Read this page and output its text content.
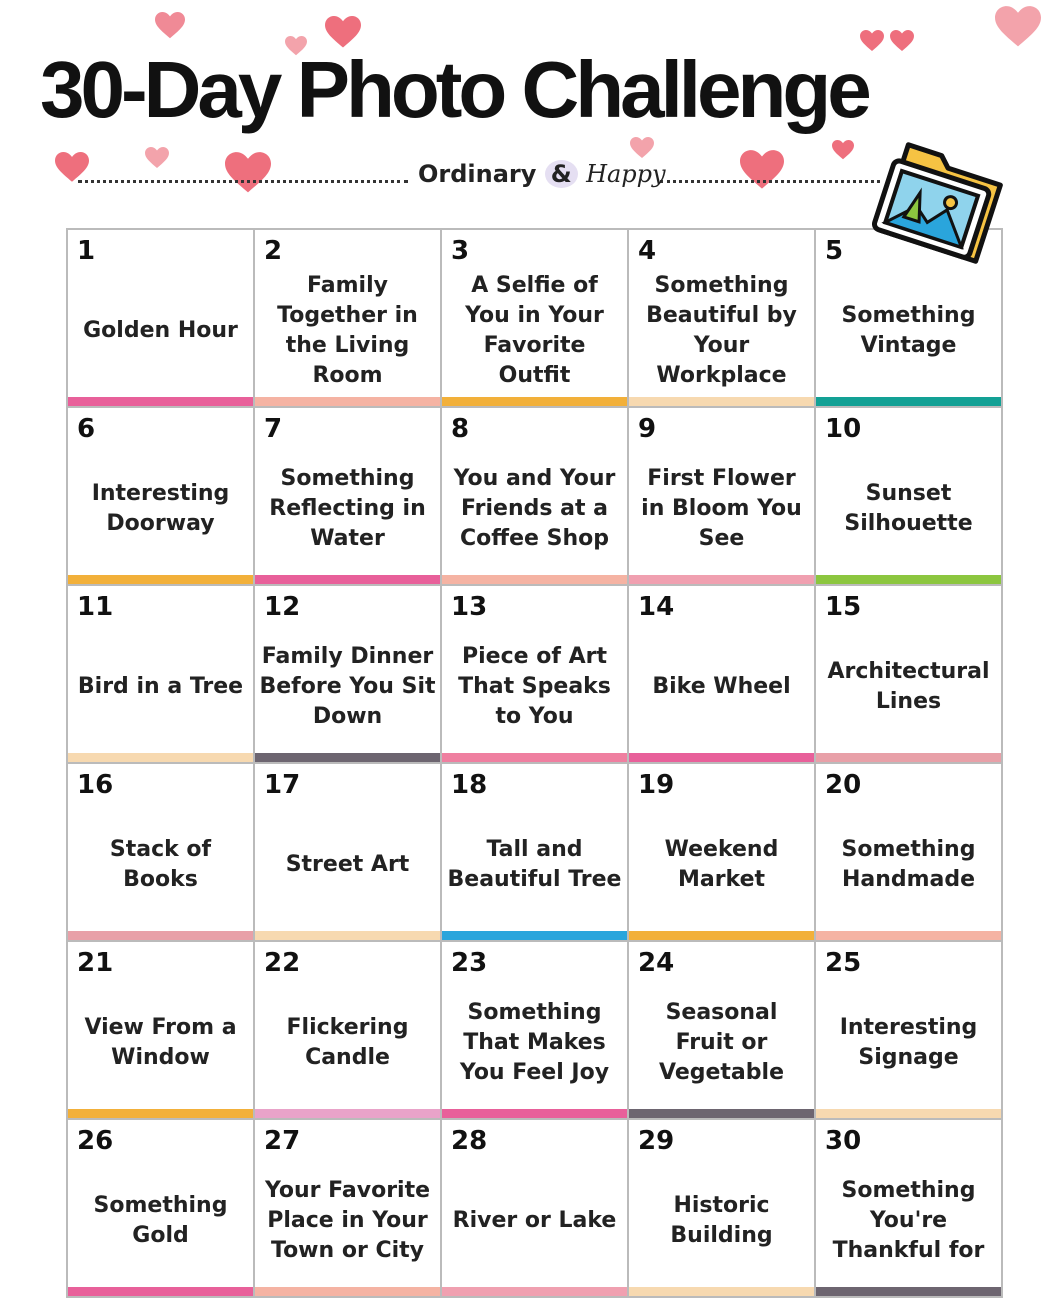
30-Day Photo Challenge
Ordinary & Happy
1
Golden Hour
2
Family Together in the Living Room
3
A Selfie of You in Your Favorite Outfit
4
Something Beautiful by Your Workplace
5
Something Vintage
6
Interesting Doorway
7
Something Reflecting in Water
8
You and Your Friends at a Coffee Shop
9
First Flower in Bloom You See
10
Sunset Silhouette
11
Bird in a Tree
12
Family Dinner Before You Sit Down
13
Piece of Art That Speaks to You
14
Bike Wheel
15
Architectural Lines
16
Stack of Books
17
Street Art
18
Tall and Beautiful Tree
19
Weekend Market
20
Something Handmade
21
View From a Window
22
Flickering Candle
23
Something That Makes You Feel Joy
24
Seasonal Fruit or Vegetable
25
Interesting Signage
26
Something Gold
27
Your Favorite Place in Your Town or City
28
River or Lake
29
Historic Building
30
Something You're Thankful for
